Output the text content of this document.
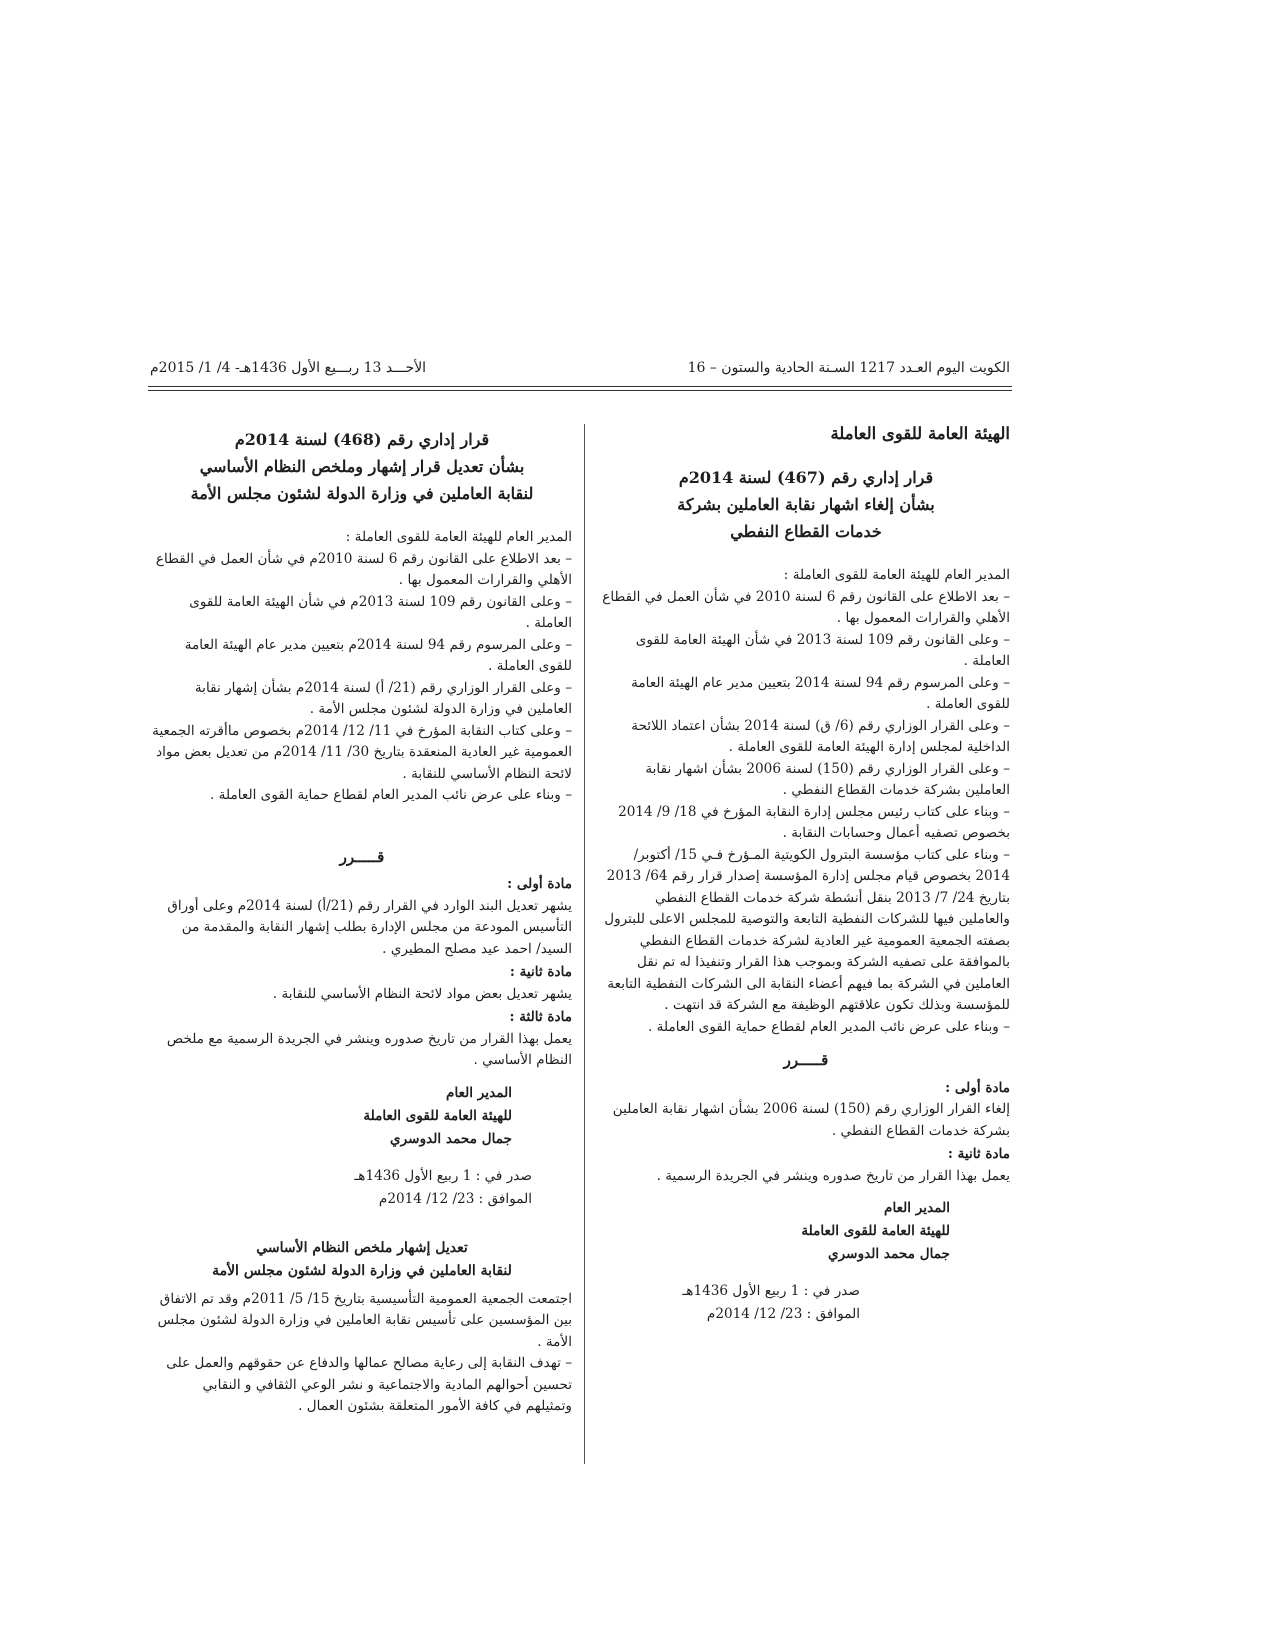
الكويت اليوم العـدد 1217 السـنة الحادية والستون – 16
الأحـــد 13 ربـــيع الأول 1436هـ- 4/ 1/ 2015م
الهيئة العامة للقوى العاملة
قرار إداري رقم (467) لسنة 2014م
بشأن إلغاء اشهار نقابة العاملين بشركة
خدمات القطاع النفطي

المدير العام للهيئة العامة للقوى العاملة :

– بعد الاطلاع على القانون رقم 6 لسنة 2010 في شأن العمل في القطاع الأهلي والقرارات المعمول بها .

– وعلى القانون رقم 109 لسنة 2013 في شأن الهيئة العامة للقوى العاملة .

– وعلى المرسوم رقم 94 لسنة 2014 بتعيين مدير عام الهيئة العامة للقوى العاملة .

– وعلى القرار الوزاري رقم (6/ ق) لسنة 2014 بشأن اعتماد اللائحة الداخلية لمجلس إدارة الهيئة العامة للقوى العاملة .

– وعلى القرار الوزاري رقم (150) لسنة 2006 بشأن اشهار نقابة العاملين بشركة خدمات القطاع النفطي .

– وبناء على كتاب رئيس مجلس إدارة النقابة المؤرخ في 18/ 9/ 2014 بخصوص تصفيه أعمال وحسابات النقابة .

– وبناء على كتاب مؤسسة البترول الكويتية المـؤرخ فـي 15/ أكتوبر/ 2014 بخصوص قيام مجلس إدارة المؤسسة إصدار قرار رقم 64/ 2013 بتاريخ 24/ 7/ 2013 بنقل أنشطة شركة خدمات القطاع النفطي والعاملين فيها للشركات النفطية التابعة والتوصية للمجلس الاعلى للبترول بصفته الجمعية العمومية غير العادية لشركة خدمات القطاع النفطي بالموافقة على تصفيه الشركة وبموجب هذا القرار وتنفيذا له تم نقل العاملين في الشركة بما فيهم أعضاء النقابة الى الشركات النفطية التابعة للمؤسسة وبذلك تكون علاقتهم الوظيفة مع الشركة قد انتهت .

– وبناء على عرض نائب المدير العام لقطاع حماية القوى العاملة .

قـــــرر
مادة أولى :

إلغاء القرار الوزاري رقم (150) لسنة 2006 بشأن اشهار نقابة العاملين بشركة خدمات القطاع النفطي .

مادة ثانية :

يعمل بهذا القرار من تاريخ صدوره وينشر في الجريدة الرسمية .

المدير العام
للهيئة العامة للقوى العاملة
جمال محمد الدوسري
صدر في : 1 ربيع الأول 1436هـ
الموافق : 23/ 12/ 2014م
قرار إداري رقم (468) لسنة 2014م
بشأن تعديل قرار إشهار وملخص النظام الأساسي
لنقابة العاملين في وزارة الدولة لشئون مجلس الأمة

المدير العام للهيئة العامة للقوى العاملة :

– بعد الاطلاع على القانون رقم 6 لسنة 2010م في شأن العمل في القطاع الأهلي والقرارات المعمول بها .

– وعلى القانون رقم 109 لسنة 2013م في شأن الهيئة العامة للقوى العاملة .

– وعلى المرسوم رقم 94 لسنة 2014م بتعيين مدير عام الهيئة العامة للقوى العاملة .

– وعلى القرار الوزاري رقم (21/ أ) لسنة 2014م بشأن إشهار نقابة العاملين في وزارة الدولة لشئون مجلس الأمة .

– وعلى كتاب النقابة المؤرخ في 11/ 12/ 2014م بخصوص ماأقرته الجمعية العمومية غير العادية المنعقدة بتاريخ 30/ 11/ 2014م من تعديل بعض مواد لائحة النظام الأساسي للنقابة .

– وبناء على عرض نائب المدير العام لقطاع حماية القوى العاملة .

قـــــرر
مادة أولى :

يشهر تعديل البند الوارد في القرار رقم (21/أ) لسنة 2014م وعلى أوراق التأسيس المودعة من مجلس الإدارة بطلب إشهار النقابة والمقدمة من السيد/ احمد عيد مصلح المطيري .

مادة ثانية :

يشهر تعديل بعض مواد لائحة النظام الأساسي للنقابة .

مادة ثالثة :

يعمل بهذا القرار من تاريخ صدوره وينشر في الجريدة الرسمية مع ملخص النظام الأساسي .

المدير العام
للهيئة العامة للقوى العاملة
جمال محمد الدوسري
صدر في : 1 ربيع الأول 1436هـ
الموافق : 23/ 12/ 2014م
تعديل إشهار ملخص النظام الأساسي
لنقابة العاملين في وزارة الدولة لشئون مجلس الأمة

اجتمعت الجمعية العمومية التأسيسية بتاريخ 15/ 5/ 2011م وقد تم الاتفاق بين المؤسسين على تأسيس نقابة العاملين في وزارة الدولة لشئون مجلس الأمة .

– تهدف النقابة إلى رعاية مصالح عمالها والدفاع عن حقوقهم والعمل على تحسين أحوالهم المادية والاجتماعية و نشر الوعي الثقافي و النقابي وتمثيلهم في كافة الأمور المتعلقة بشئون العمال .
